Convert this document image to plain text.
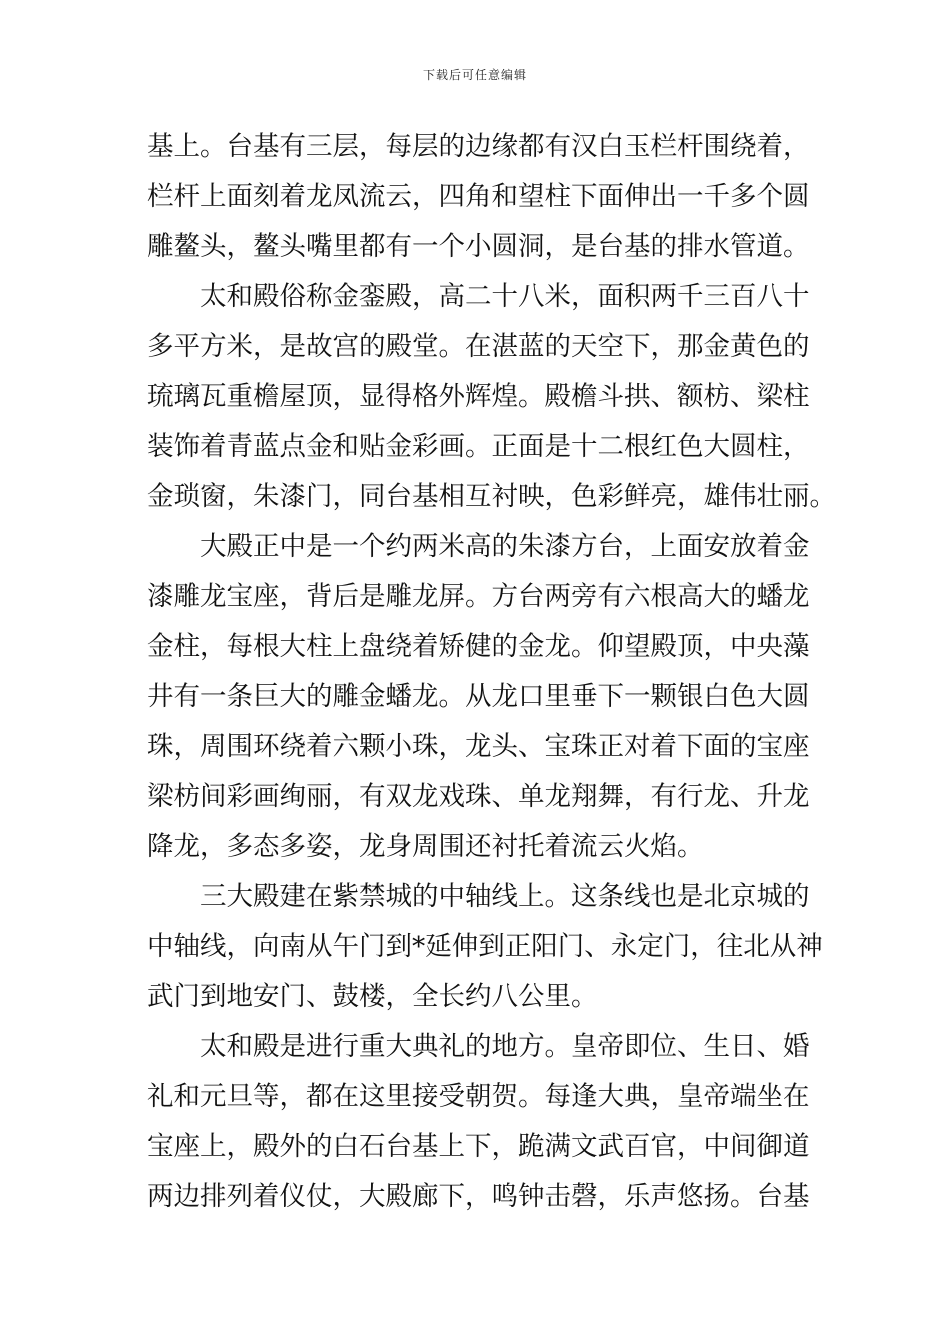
下载后可任意编辑
基上。台基有三层，每层的边缘都有汉白玉栏杆围绕着，
栏杆上面刻着龙凤流云，四角和望柱下面伸出一千多个圆
雕鳌头，鳌头嘴里都有一个小圆洞，是台基的排水管道。
太和殿俗称金銮殿，高二十八米，面积两千三百八十
多平方米，是故宫的殿堂。在湛蓝的天空下，那金黄色的
琉璃瓦重檐屋顶，显得格外辉煌。殿檐斗拱、额枋、梁柱
装饰着青蓝点金和贴金彩画。正面是十二根红色大圆柱，
金琐窗，朱漆门，同台基相互衬映，色彩鲜亮，雄伟壮丽。
大殿正中是一个约两米高的朱漆方台，上面安放着金
漆雕龙宝座，背后是雕龙屏。方台两旁有六根高大的蟠龙
金柱，每根大柱上盘绕着矫健的金龙。仰望殿顶，中央藻
井有一条巨大的雕金蟠龙。从龙口里垂下一颗银白色大圆
珠，周围环绕着六颗小珠，龙头、宝珠正对着下面的宝座
梁枋间彩画绚丽，有双龙戏珠、单龙翔舞，有行龙、升龙
降龙，多态多姿，龙身周围还衬托着流云火焰。
三大殿建在紫禁城的中轴线上。这条线也是北京城的
中轴线，向南从午门到*延伸到正阳门、永定门，往北从神
武门到地安门、鼓楼，全长约八公里。
太和殿是进行重大典礼的地方。皇帝即位、生日、婚
礼和元旦等，都在这里接受朝贺。每逢大典，皇帝端坐在
宝座上，殿外的白石台基上下，跪满文武百官，中间御道
两边排列着仪仗，大殿廊下，鸣钟击磬，乐声悠扬。台基
